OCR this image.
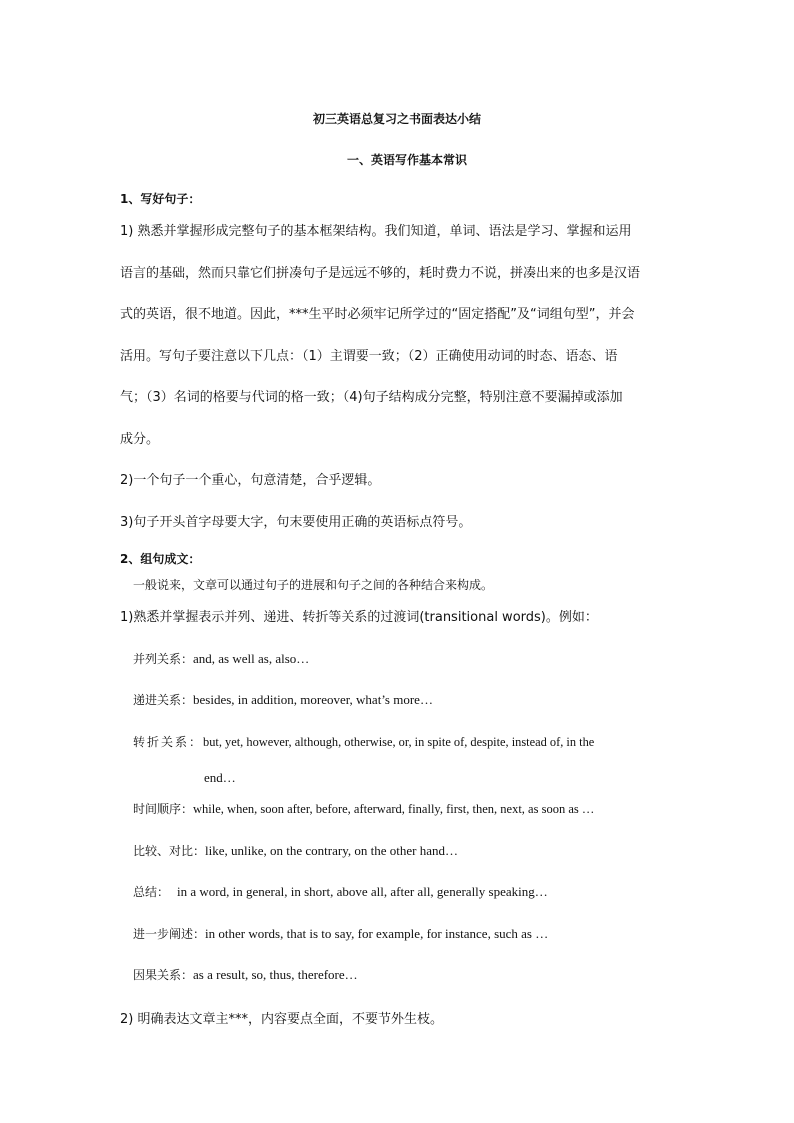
初三英语总复习之书面表达小结
一、英语写作基本常识
1、写好句子：
1) 熟悉并掌握形成完整句子的基本框架结构。我们知道，单词、语法是学习、掌握和运用
语言的基础，然而只靠它们拼凑句子是远远不够的，耗时费力不说，拼凑出来的也多是汉语
式的英语，很不地道。因此，***生平时必须牢记所学过的“固定搭配”及“词组句型”，并会
活用。写句子要注意以下几点：（1）主谓要一致；（2）正确使用动词的时态、语态、语
气；（3）名词的格要与代词的格一致；（4)句子结构成分完整，特别注意不要漏掉或添加
成分。
2)一个句子一个重心，句意清楚，合乎逻辑。
3)句子开头首字母要大字，句末要使用正确的英语标点符号。
2、组句成文：
一般说来，文章可以通过句子的进展和句子之间的各种结合来构成。
1)熟悉并掌握表示并列、递进、转折等关系的过渡词(transitional words)。例如：
并列关系：and, as well as, also…
递进关系：besides, in addition, moreover, what’s more…
转折关系：but, yet, however, although, otherwise, or, in spite of, despite, instead of, in the
end…
时间顺序：while, when, soon after, before, afterward, finally, first, then, next, as soon as …
比较、对比：like, unlike, on the contrary, on the other hand…
总结： in a word, in general, in short, above all, after all, generally speaking…
进一步阐述：in other words, that is to say, for example, for instance, such as …
因果关系：as a result, so, thus, therefore…
2) 明确表达文章主***，内容要点全面，不要节外生枝。
